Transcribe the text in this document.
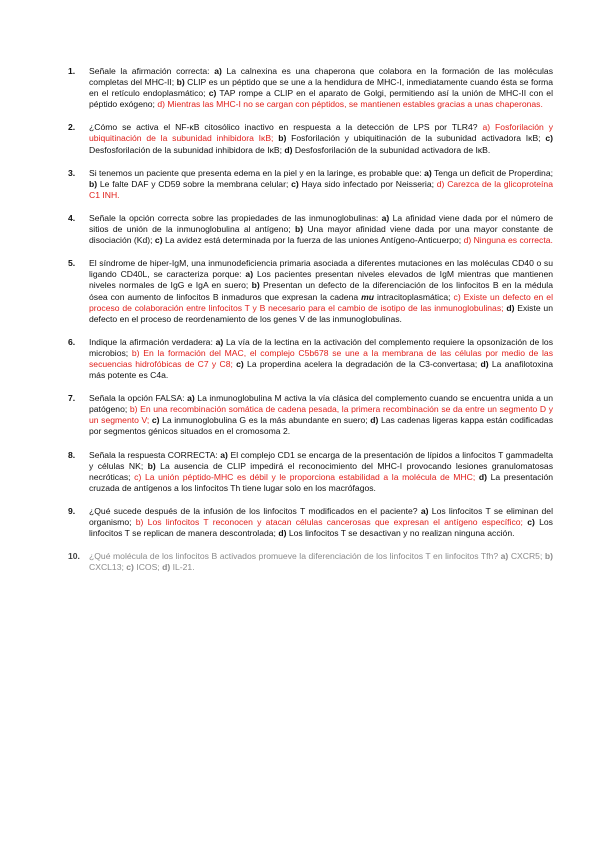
1. Señale la afirmación correcta: a) La calnexina es una chaperona que colabora en la formación de las moléculas completas del MHC-II; b) CLIP es un péptido que se une a la hendidura de MHC-I, inmediatamente cuando ésta se forma en el retículo endoplasmático; c) TAP rompe a CLIP en el aparato de Golgi, permitiendo así la unión de MHC-II con el péptido exógeno; d) Mientras las MHC-I no se cargan con péptidos, se mantienen estables gracias a unas chaperonas.
2. ¿Cómo se activa el NF-κB citosólico inactivo en respuesta a la detección de LPS por TLR4? a) Fosforilación y ubiquitinación de la subunidad inhibidora IκB; b) Fosforilación y ubiquitinación de la subunidad activadora IκB; c) Desfosforilación de la subunidad inhibidora de IκB; d) Desfosforilación de la subunidad activadora de IκB.
3. Si tenemos un paciente que presenta edema en la piel y en la laringe, es probable que: a) Tenga un deficit de Properdina; b) Le falte DAF y CD59 sobre la membrana celular; c) Haya sido infectado por Neisseria; d) Carezca de la glicoproteína C1 INH.
4. Señale la opción correcta sobre las propiedades de las inmunoglobulinas: a) La afinidad viene dada por el número de sitios de unión de la inmunoglobulina al antígeno; b) Una mayor afinidad viene dada por una mayor constante de disociación (Kd); c) La avidez está determinada por la fuerza de las uniones Antígeno-Anticuerpo; d) Ninguna es correcta.
5. El síndrome de hiper-IgM, una inmunodeficiencia primaria asociada a diferentes mutaciones en las moléculas CD40 o su ligando CD40L, se caracteriza porque: a) Los pacientes presentan niveles elevados de IgM mientras que mantienen niveles normales de IgG e IgA en suero; b) Presentan un defecto de la diferenciación de los linfocitos B en la médula ósea con aumento de linfocitos B inmaduros que expresan la cadena mu intracitoplasmática; c) Existe un defecto en el proceso de colaboración entre linfocitos T y B necesario para el cambio de isotipo de las inmunoglobulinas; d) Existe un defecto en el proceso de reordenamiento de los genes V de las inmunoglobulinas.
6. Indique la afirmación verdadera: a) La vía de la lectina en la activación del complemento requiere la opsonización de los microbios; b) En la formación del MAC, el complejo C5b678 se une a la membrana de las células por medio de las secuencias hidrofóbicas de C7 y C8; c) La properdina acelera la degradación de la C3-convertasa; d) La anafilotoxina más potente es C4a.
7. Señala la opción FALSA: a) La inmunoglobulina M activa la vía clásica del complemento cuando se encuentra unida a un patógeno; b) En una recombinación somática de cadena pesada, la primera recombinación se da entre un segmento D y un segmento V; c) La inmunoglobulina G es la más abundante en suero; d) Las cadenas ligeras kappa están codificadas por segmentos génicos situados en el cromosoma 2.
8. Señala la respuesta CORRECTA: a) El complejo CD1 se encarga de la presentación de lípidos a linfocitos T gammadelta y células NK; b) La ausencia de CLIP impedirá el reconocimiento del MHC-I provocando lesiones granulomatosas necróticas; c) La unión péptido-MHC es débil y le proporciona estabilidad a la molécula de MHC; d) La presentación cruzada de antígenos a los linfocitos Th tiene lugar solo en los macrófagos.
9. ¿Qué sucede después de la infusión de los linfocitos T modificados en el paciente? a) Los linfocitos T se eliminan del organismo; b) Los linfocitos T reconocen y atacan células cancerosas que expresan el antígeno específico; c) Los linfocitos T se replican de manera descontrolada; d) Los linfocitos T se desactivan y no realizan ninguna acción.
10. ¿Qué molécula de los linfocitos B activados promueve la diferenciación de los linfocitos T en linfocitos Tfh? a) CXCR5; b) CXCL13; c) ICOS; d) IL-21.
